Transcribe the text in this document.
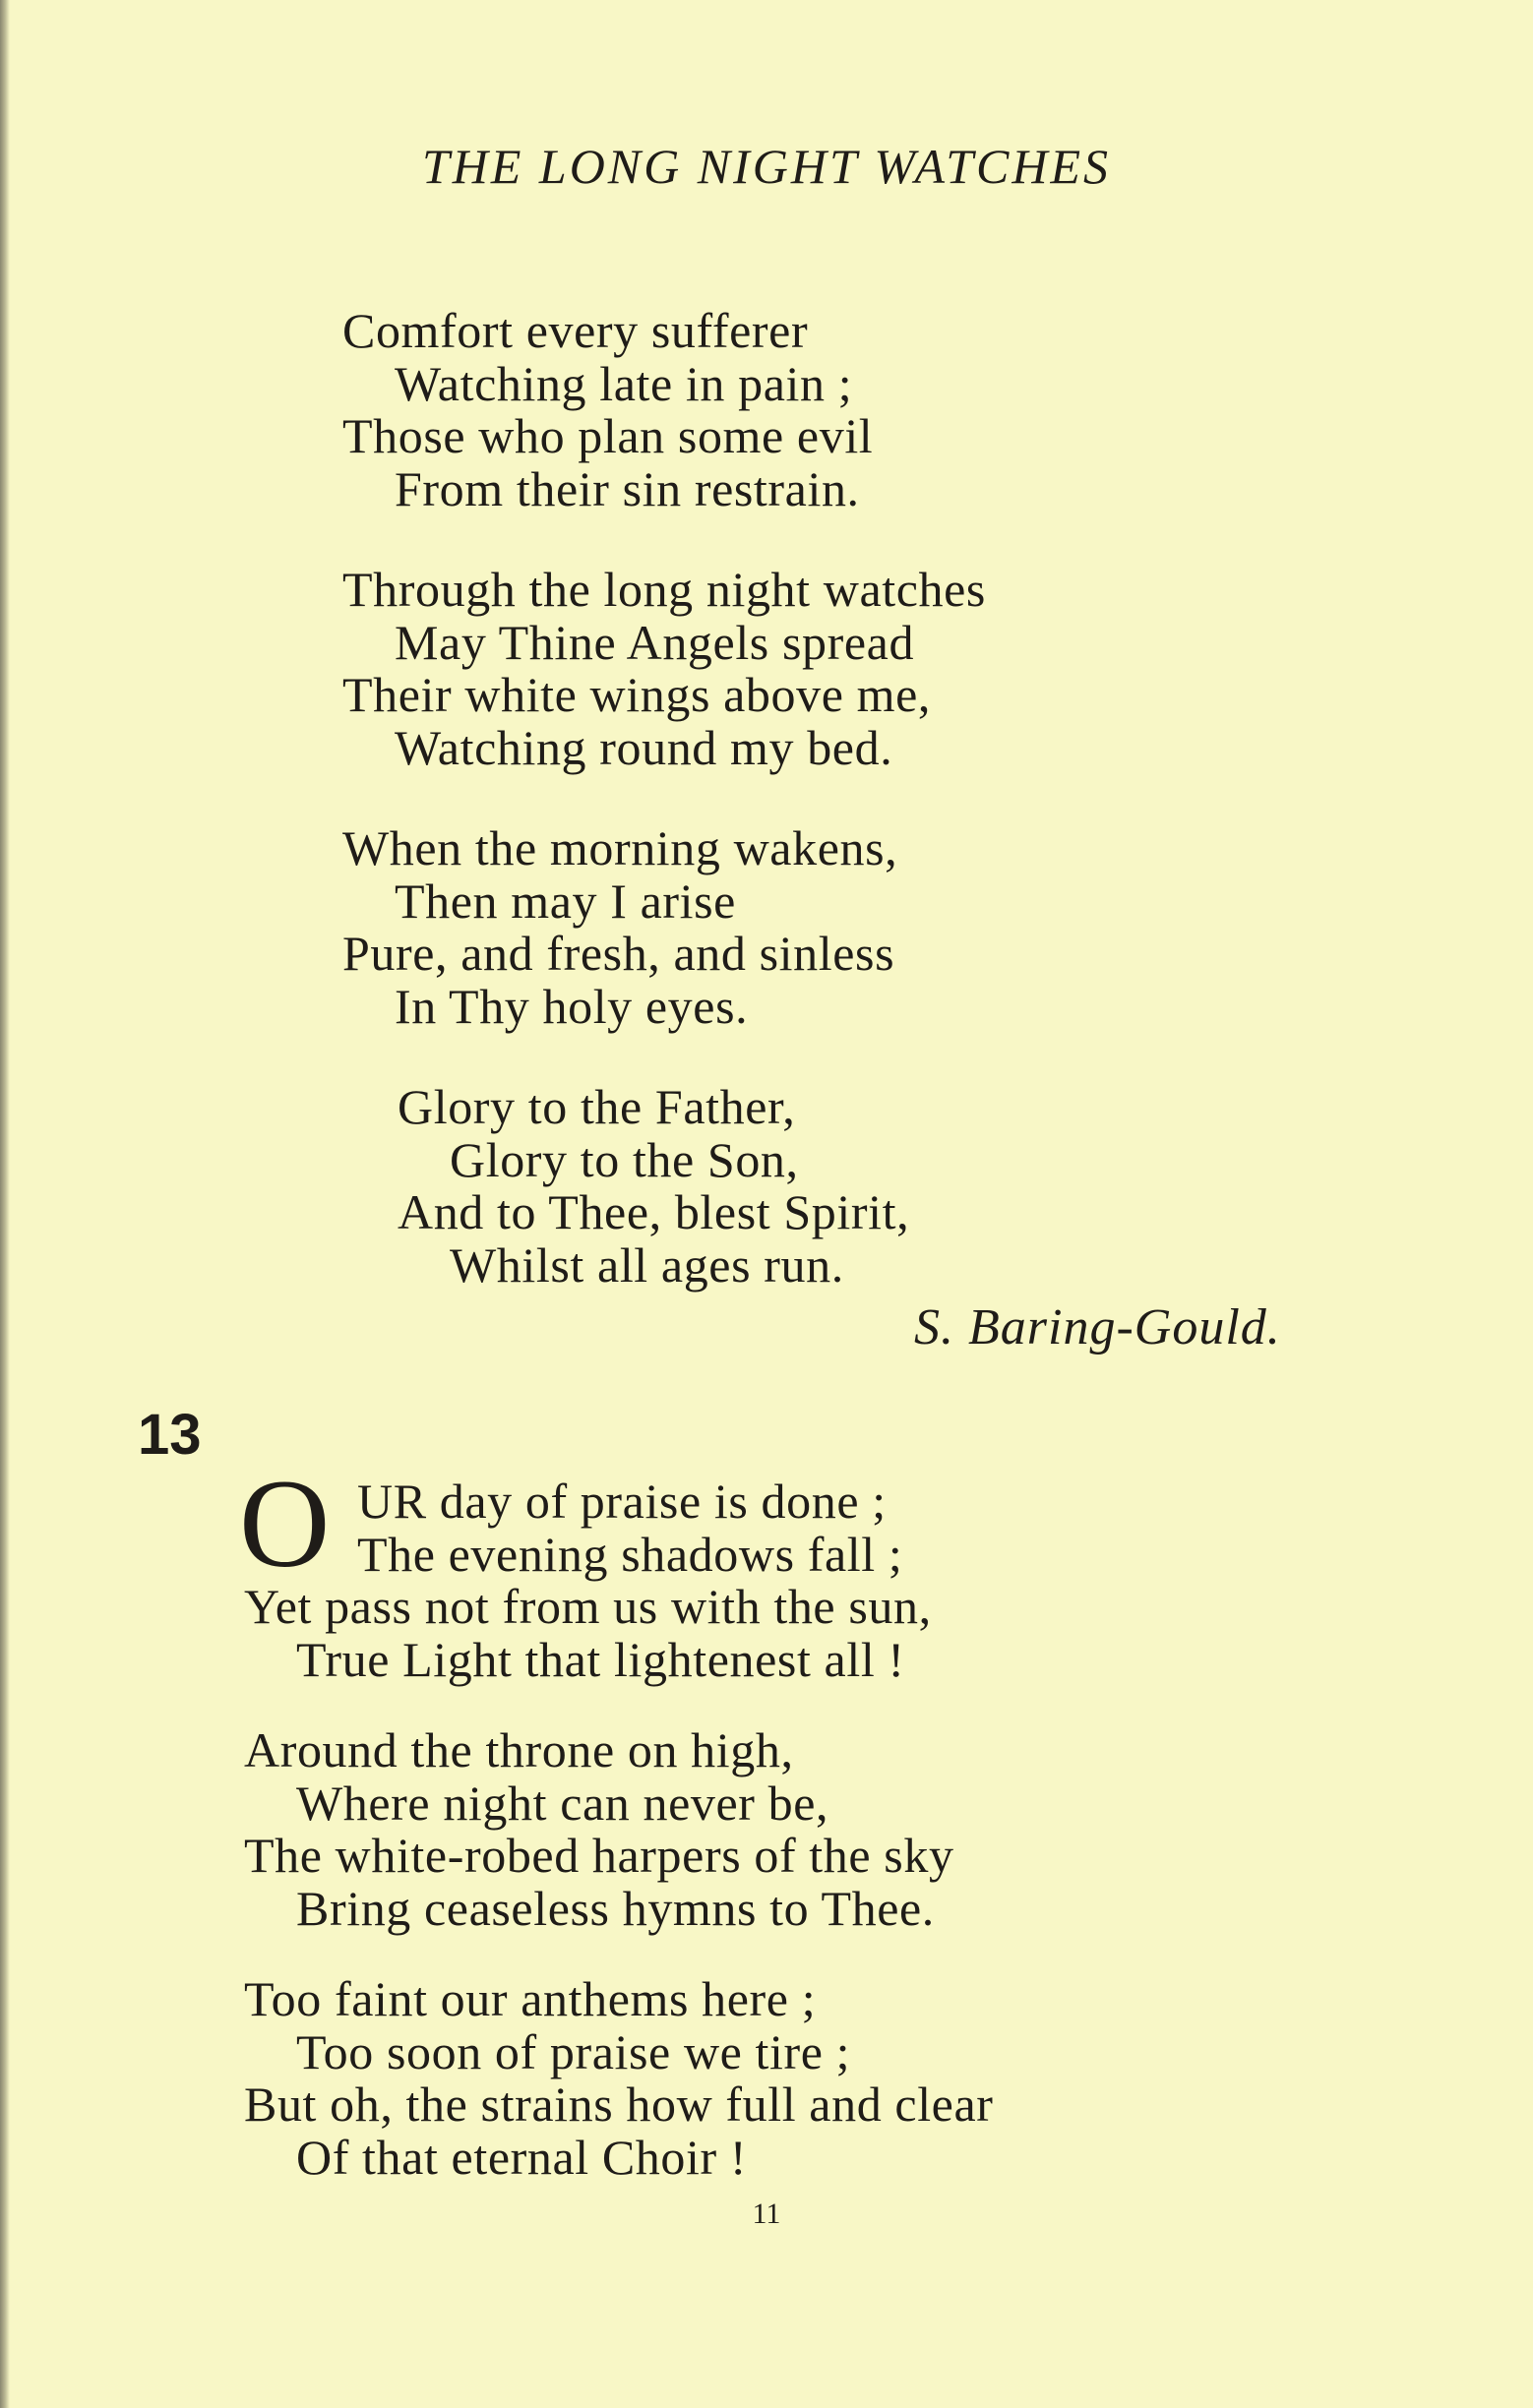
THE LONG NIGHT WATCHES
Comfort every sufferer
Watching late in pain ;
Those who plan some evil
From their sin restrain.
Through the long night watches
May Thine Angels spread
Their white wings above me,
Watching round my bed.
When the morning wakens,
Then may I arise
Pure, and fresh, and sinless
In Thy holy eyes.
Glory to the Father,
Glory to the Son,
And to Thee, blest Spirit,
Whilst all ages run.
S. Baring-Gould.
13
O UR day of praise is done ;
The evening shadows fall ;
Yet pass not from us with the sun,
True Light that lightenest all !
Around the throne on high,
Where night can never be,
The white-robed harpers of the sky
Bring ceaseless hymns to Thee.
Too faint our anthems here ;
Too soon of praise we tire ;
But oh, the strains how full and clear
Of that eternal Choir !
11
